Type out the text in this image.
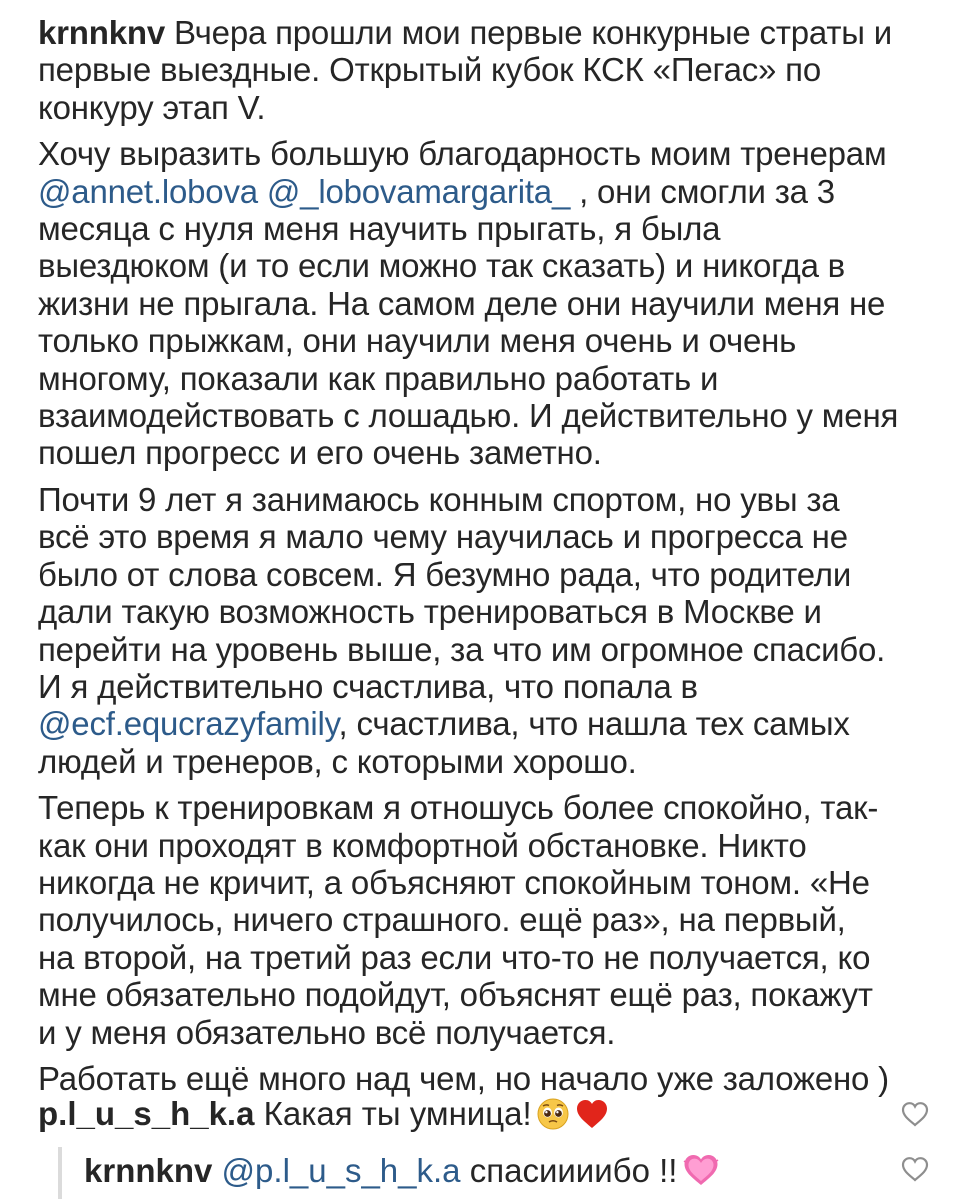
krnnknv Вчера прошли мои первые конкурные страты и
первые выездные. Открытый кубок КСК «Пегас» по
конкуру этап V.
Хочу выразить большую благодарность моим тренерам
@annet.lobova @_lobovamargarita_ , они смогли за 3
месяца с нуля меня научить прыгать, я была
выездюком (и то если можно так сказать) и никогда в
жизни не прыгала. На самом деле они научили меня не
только прыжкам, они научили меня очень и очень
многому, показали как правильно работать и
взаимодействовать с лошадью. И действительно у меня
пошел прогресс и его очень заметно.
Почти 9 лет я занимаюсь конным спортом, но увы за
всё это время я мало чему научилась и прогресса не
было от слова совсем. Я безумно рада, что родители
дали такую возможность тренироваться в Москве и
перейти на уровень выше, за что им огромное спасибо.
И я действительно счастлива, что попала в
@ecf.equcrazyfamily, счастлива, что нашла тех самых
людей и тренеров, с которыми хорошо.
Теперь к тренировкам я отношусь более спокойно, так-
как они проходят в комфортной обстановке. Никто
никогда не кричит, а объясняют спокойным тоном. «Не
получилось, ничего страшного. ещё раз», на первый,
на второй, на третий раз если что-то не получается, ко
мне обязательно подойдут, объяснят ещё раз, покажут
и у меня обязательно всё получается.
Работать ещё много над чем, но начало уже заложено )
p.l_u_s_h_k.a Какая ты умница!
krnnknv @p.l_u_s_h_k.a спасиииибо !!
